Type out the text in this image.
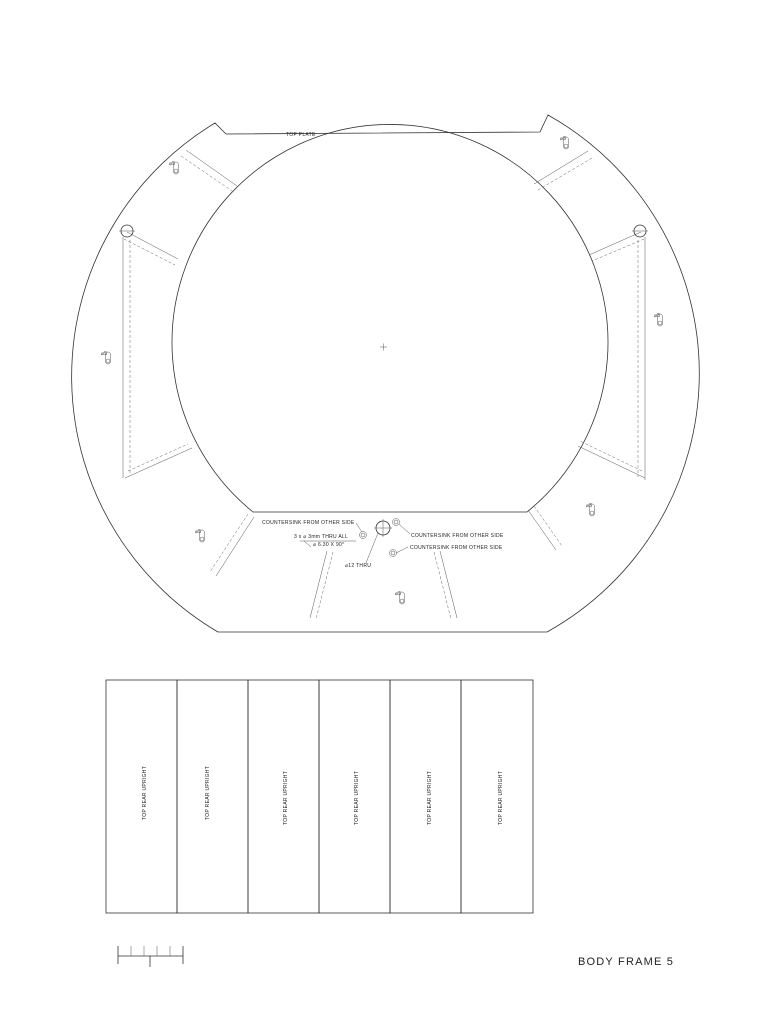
⌀5
⌀5
⌀5
⌀5
⌀5
⌀5
⌀5
TOP PLATE
COUNTERSINK FROM OTHER SIDE
COUNTERSINK FROM OTHER SIDE
COUNTERSINK FROM OTHER SIDE
3 x ⌀ 3mm THRU ALL
⌀ 6.30 X 90°
⌀12 THRU
TOP REAR UPRIGHT	TOP REAR UPRIGHT	TOP REAR UPRIGHT	TOP REAR UPRIGHT	TOP REAR UPRIGHT	TOP REAR UPRIGHT
BODY FRAME 5
